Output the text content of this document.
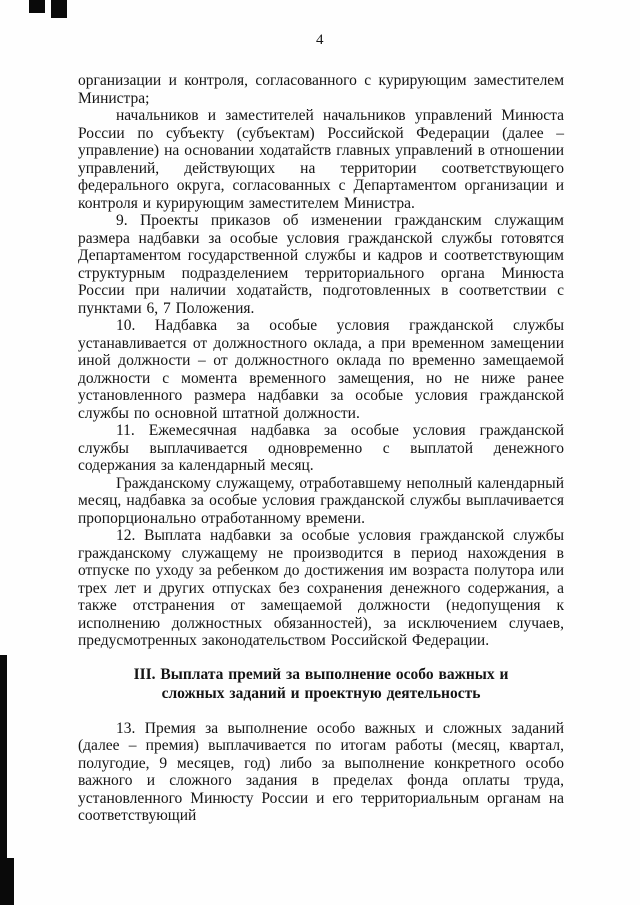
4

организации и контроля, согласованного с курирующим заместителем Министра;

начальников и заместителей начальников управлений Минюста России по субъекту (субъектам) Российской Федерации (далее – управление) на основании ходатайств главных управлений в отношении управлений, действующих на территории соответствующего федерального округа, согласованных с Департаментом организации и контроля и курирующим заместителем Министра.

9. Проекты приказов об изменении гражданским служащим размера надбавки за особые условия гражданской службы готовятся Департаментом государственной службы и кадров и соответствующим структурным подразделением территориального органа Минюста России при наличии ходатайств, подготовленных в соответствии с пунктами 6, 7 Положения.

10. Надбавка за особые условия гражданской службы устанавливается от должностного оклада, а при временном замещении иной должности – от должностного оклада по временно замещаемой должности с момента временного замещения, но не ниже ранее установленного размера надбавки за особые условия гражданской службы по основной штатной должности.

11. Ежемесячная надбавка за особые условия гражданской службы выплачивается одновременно с выплатой денежного содержания за календарный месяц.

Гражданскому служащему, отработавшему неполный календарный месяц, надбавка за особые условия гражданской службы выплачивается пропорционально отработанному времени.

12. Выплата надбавки за особые условия гражданской службы гражданскому служащему не производится в период нахождения в отпуске по уходу за ребенком до достижения им возраста полутора или трех лет и других отпусках без сохранения денежного содержания, а также отстранения от замещаемой должности (недопущения к исполнению должностных обязанностей), за исключением случаев, предусмотренных законодательством Российской Федерации.

III. Выплата премий за выполнение особо важных и сложных заданий и проектную деятельность

13. Премия за выполнение особо важных и сложных заданий (далее – премия) выплачивается по итогам работы (месяц, квартал, полугодие, 9 месяцев, год) либо за выполнение конкретного особо важного и сложного задания в пределах фонда оплаты труда, установленного Минюсту России и его территориальным органам на соответствующий
